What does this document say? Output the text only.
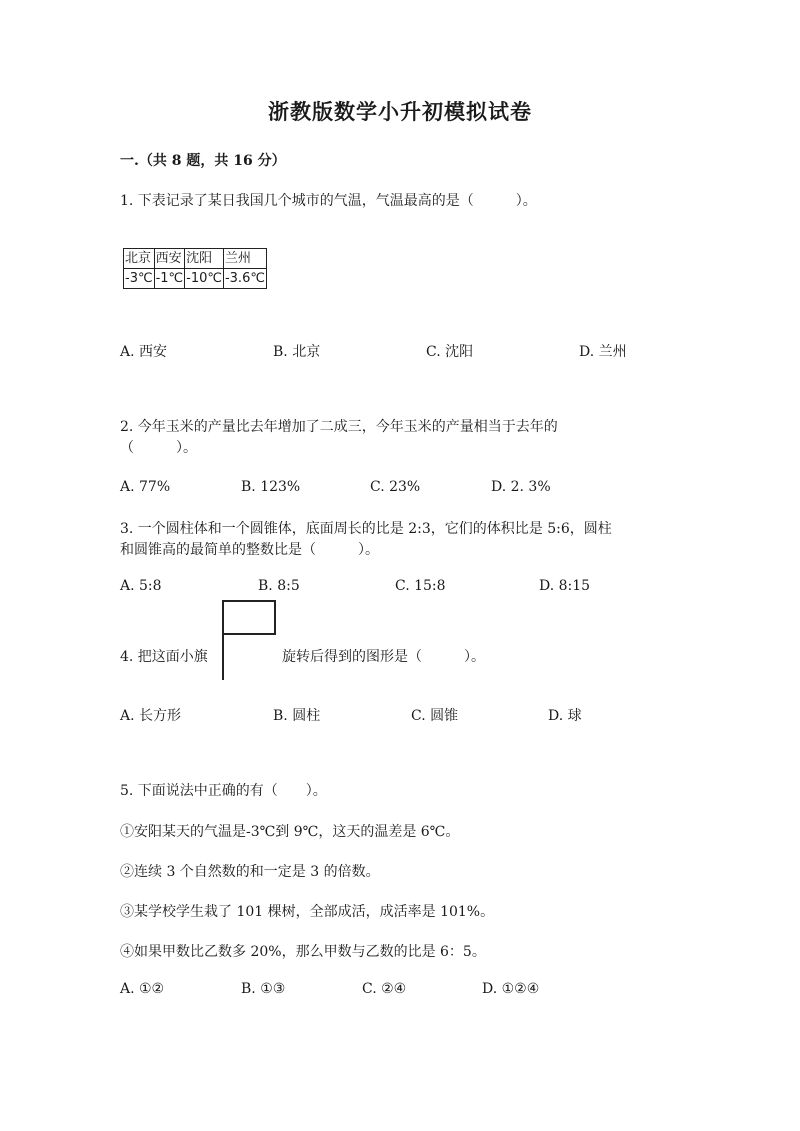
浙教版数学小升初模拟试卷
一.（共 8 题，共 16 分）
1. 下表记录了某日我国几个城市的气温，气温最高的是（　　　）。
北京	西安	沈阳	兰州
-3℃	-1℃	-10℃	-3.6℃
A. 西安	B. 北京	C. 沈阳	D. 兰州
2. 今年玉米的产量比去年增加了二成三，今年玉米的产量相当于去年的
（　　　）。
A. 77%	B. 123%	C. 23%	D. 2. 3%
3. 一个圆柱体和一个圆锥体，底面周长的比是 2:3，它们的体积比是 5:6，圆柱
和圆锥高的最简单的整数比是（　　　）。
A. 5:8	B. 8:5	C. 15:8	D. 8:15
4. 把这面小旗	旋转后得到的图形是（　　　）。
A. 长方形	B. 圆柱	C. 圆锥	D. 球
5. 下面说法中正确的有（　　）。
①安阳某天的气温是-3℃到 9℃，这天的温差是 6℃。
②连续 3 个自然数的和一定是 3 的倍数。
③某学校学生栽了 101 棵树，全部成活，成活率是 101%。
④如果甲数比乙数多 20%，那么甲数与乙数的比是 6：5。
A. ①②	B. ①③	C. ②④	D. ①②④
